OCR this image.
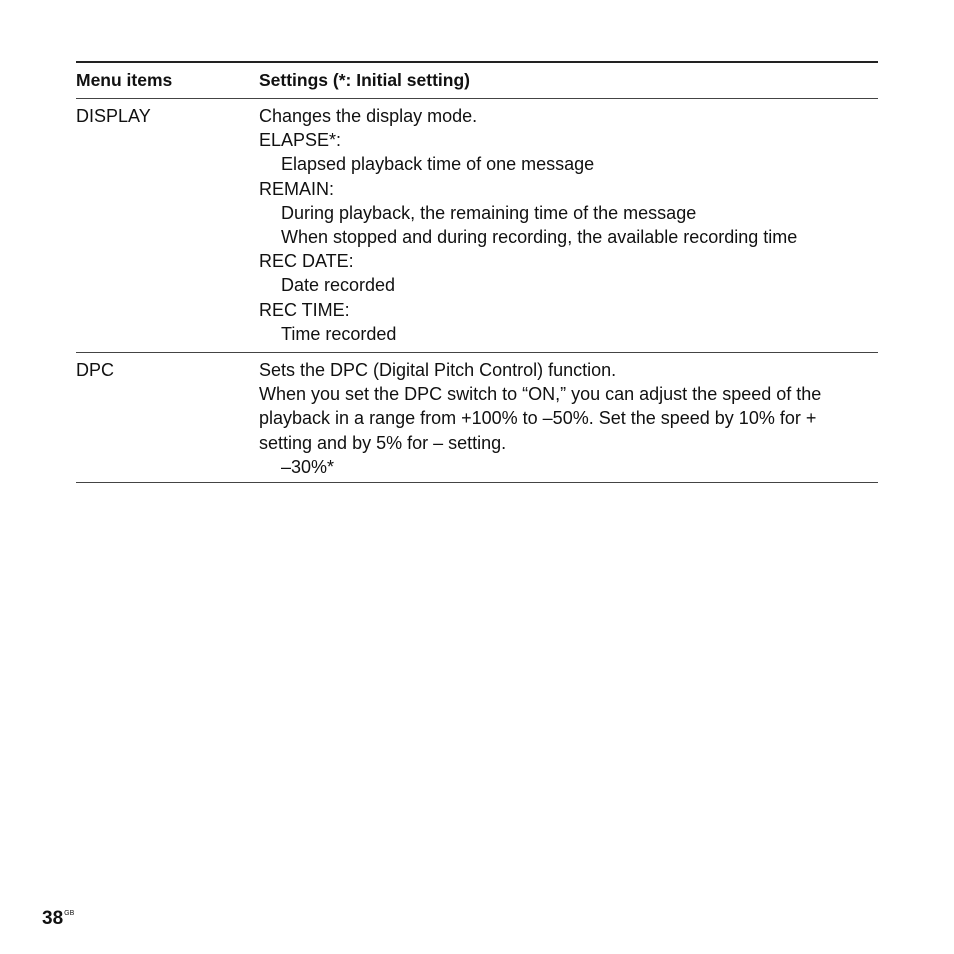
Menu items	Settings (*: Initial setting)
DISPLAY	Changes the display mode.
ELAPSE*:
Elapsed playback time of one message
REMAIN:
During playback, the remaining time of the message
When stopped and during recording, the available recording time
REC DATE:
Date recorded
REC TIME:
Time recorded
DPC	Sets the DPC (Digital Pitch Control) function.
When you set the DPC switch to “ON,” you can adjust the speed of the
playback in a range from +100% to –50%. Set the speed by 10% for +
setting and by 5% for – setting.
–30%*
$38^{GB}$
